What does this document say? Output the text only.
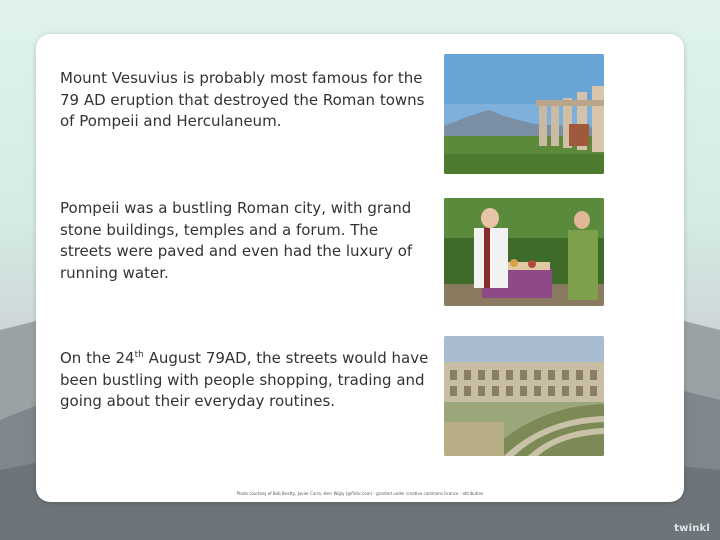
Mount Vesuvius is probably most famous for the 79 AD eruption that destroyed the Roman towns of Pompeii and Herculaneum.

Pompeii was a bustling Roman city, with grand stone buildings, temples and a forum. The streets were paved and even had the luxury of running water.

On the 24th August 79AD, the streets would have been bustling with people shopping, trading and going about their everyday routines.

Photo courtesy of Bob Beatty, Javier Carro, Herr Wigly (@flickr.com) - granted under creative commons licence - attribution
twinkl
